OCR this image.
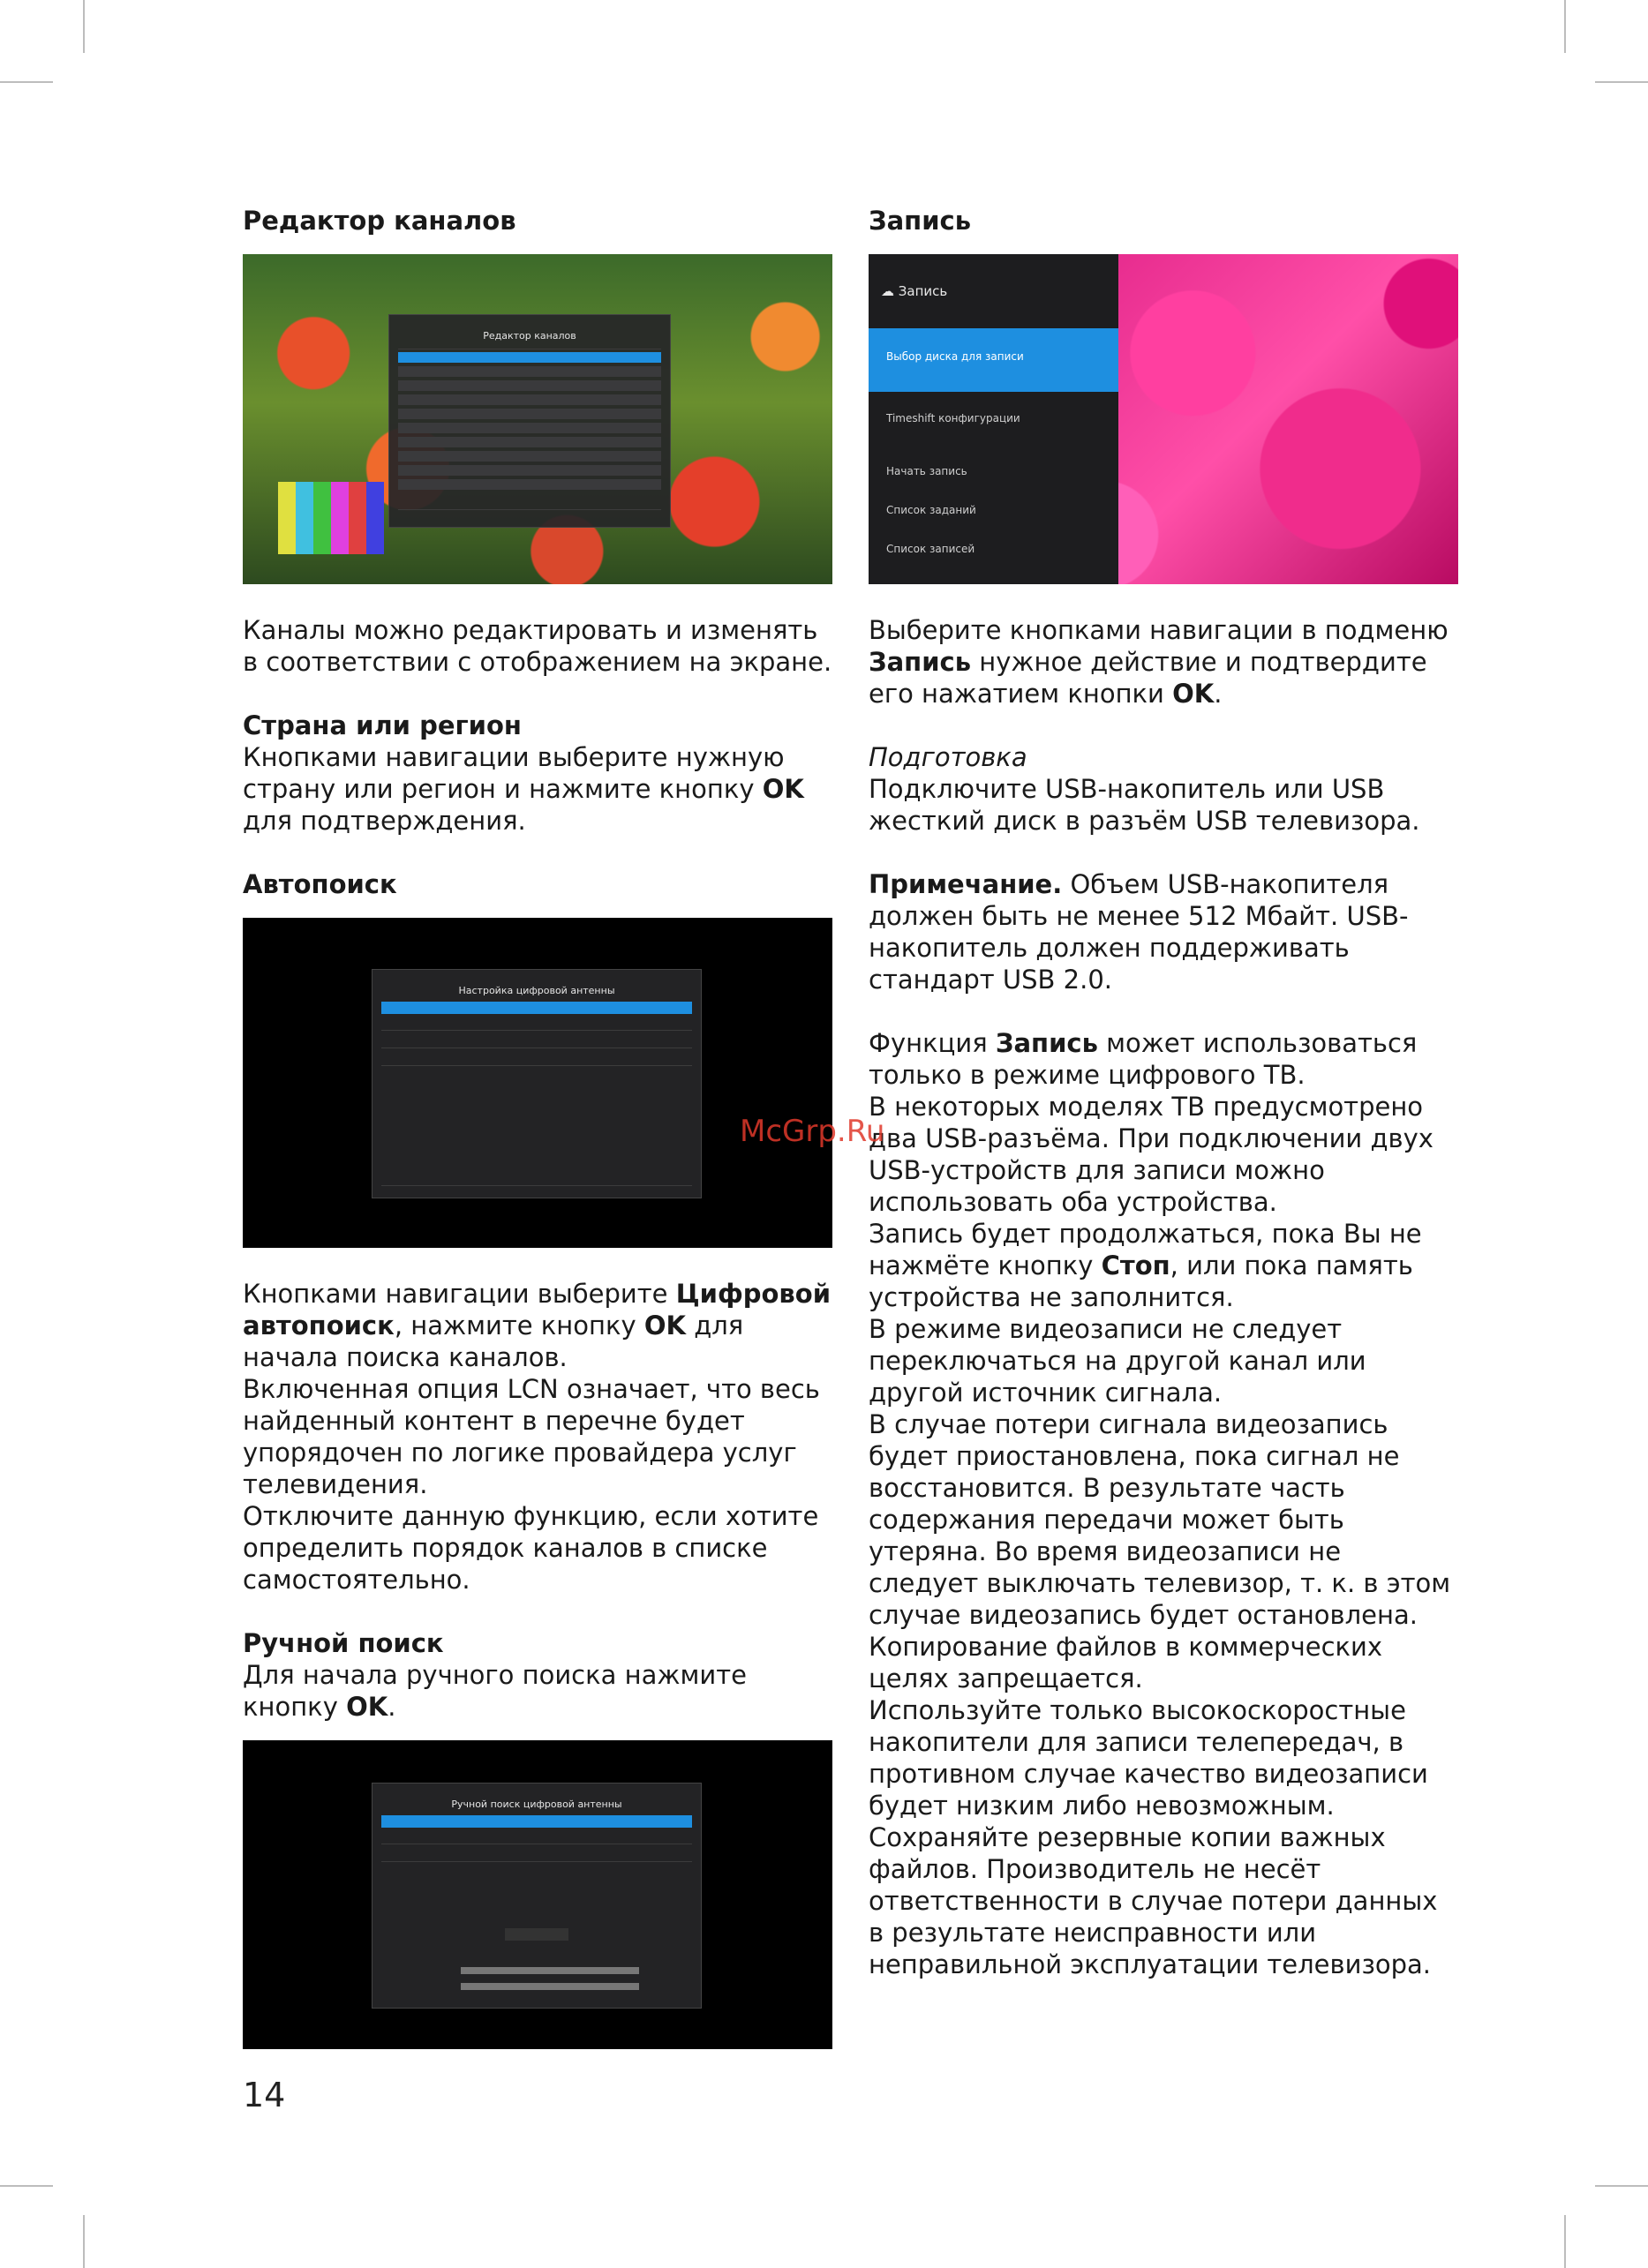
Редактор каналов

Редактор каналов

Каналы можно редактировать и изменять в соответствии с отображением на экране.

Страна или регион

Кнопками навигации выберите нужную страну или регион и нажмите кнопку OK для подтверждения.

Автопоиск

Настройка цифровой антенны

Кнопками навигации выберите Цифровой автопоиск, нажмите кнопку OK для начала поиска каналов.

Включенная опция LCN означает, что весь найденный контент в перечне будет упорядочен по логике провайдера услуг телевидения.

Отключите данную функцию, если хотите определить порядок каналов в списке самостоятельно.

Ручной поиск

Для начала ручного поиска нажмите кнопку OK.

Ручной поиск цифровой антенны

Запись

☁ Запись
Выбор диска для записи
Timeshift конфигурации
Начать запись
Список заданий
Список записей

Выберите кнопками навигации в подменю Запись нужное действие и подтвердите его нажатием кнопки OK.

Подготовка

Подключите USB-накопитель или USB жесткий диск в разъём USB телевизора.

Примечание. Объем USB-накопителя должен быть не менее 512 Мбайт. USB-накопитель должен поддерживать стандарт USB 2.0.

Функция Запись может использоваться только в режиме цифрового ТВ.

В некоторых моделях ТВ предусмотрено два USB-разъёма. При подключении двух USB-устройств для записи можно использовать оба устройства.

Запись будет продолжаться, пока Вы не нажмёте кнопку Стоп, или пока память устройства не заполнится.

В режиме видеозаписи не следует переключаться на другой канал или другой источник сигнала.

В случае потери сигнала видеозапись будет приостановлена, пока сигнал не восстановится. В результате часть содержания передачи может быть утеряна. Во время видеозаписи не следует выключать телевизор, т. к. в этом случае видеозапись будет остановлена. Копирование файлов в коммерческих целях запрещается.

Используйте только высокоскоростные накопители для записи телепередач, в противном случае качество видеозаписи будет низким либо невозможным.

Сохраняйте резервные копии важных файлов. Производитель не несёт ответственности в случае потери данных в результате неисправности или неправильной эксплуатации телевизора.

McGrp.Ru
14
